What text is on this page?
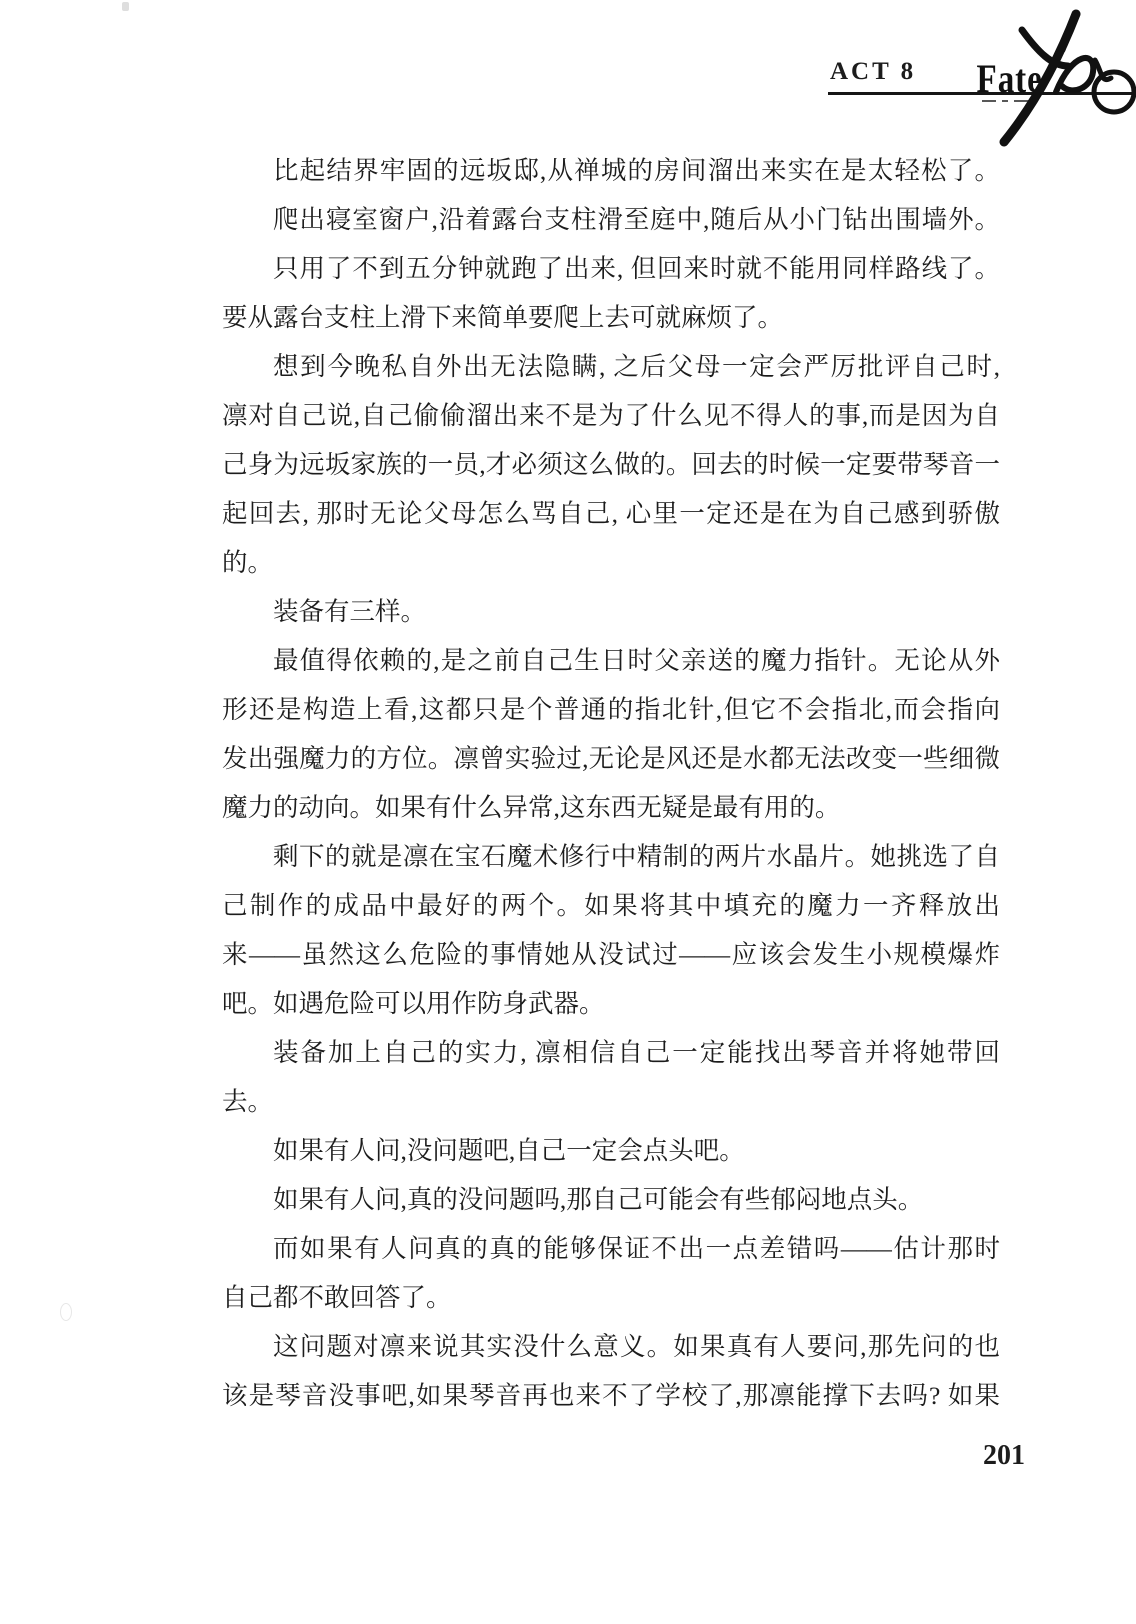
ACT 8 Fate
比起结界牢固的远坂邸,从禅城的房间溜出来实在是太轻松了。
爬出寝室窗户,沿着露台支柱滑至庭中,随后从小门钻出围墙外。
只用了不到五分钟就跑了出来, 但回来时就不能用同样路线了。
要从露台支柱上滑下来简单要爬上去可就麻烦了。
想到今晚私自外出无法隐瞒, 之后父母一定会严厉批评自己时,
凛对自己说,自己偷偷溜出来不是为了什么见不得人的事,而是因为自
己身为远坂家族的一员,才必须这么做的。回去的时候一定要带琴音一
起回去, 那时无论父母怎么骂自己, 心里一定还是在为自己感到骄傲
的。
装备有三样。
最值得依赖的,是之前自己生日时父亲送的魔力指针。无论从外
形还是构造上看,这都只是个普通的指北针,但它不会指北,而会指向
发出强魔力的方位。凛曾实验过,无论是风还是水都无法改变一些细微
魔力的动向。如果有什么异常,这东西无疑是最有用的。
剩下的就是凛在宝石魔术修行中精制的两片水晶片。她挑选了自
己制作的成品中最好的两个。如果将其中填充的魔力一齐释放出
来——虽然这么危险的事情她从没试过——应该会发生小规模爆炸
吧。如遇危险可以用作防身武器。
装备加上自己的实力, 凛相信自己一定能找出琴音并将她带回
去。
如果有人问,没问题吧,自己一定会点头吧。
如果有人问,真的没问题吗,那自己可能会有些郁闷地点头。
而如果有人问真的真的能够保证不出一点差错吗——估计那时
自己都不敢回答了。
这问题对凛来说其实没什么意义。如果真有人要问,那先问的也
该是琴音没事吧,如果琴音再也来不了学校了,那凛能撑下去吗? 如果
201
